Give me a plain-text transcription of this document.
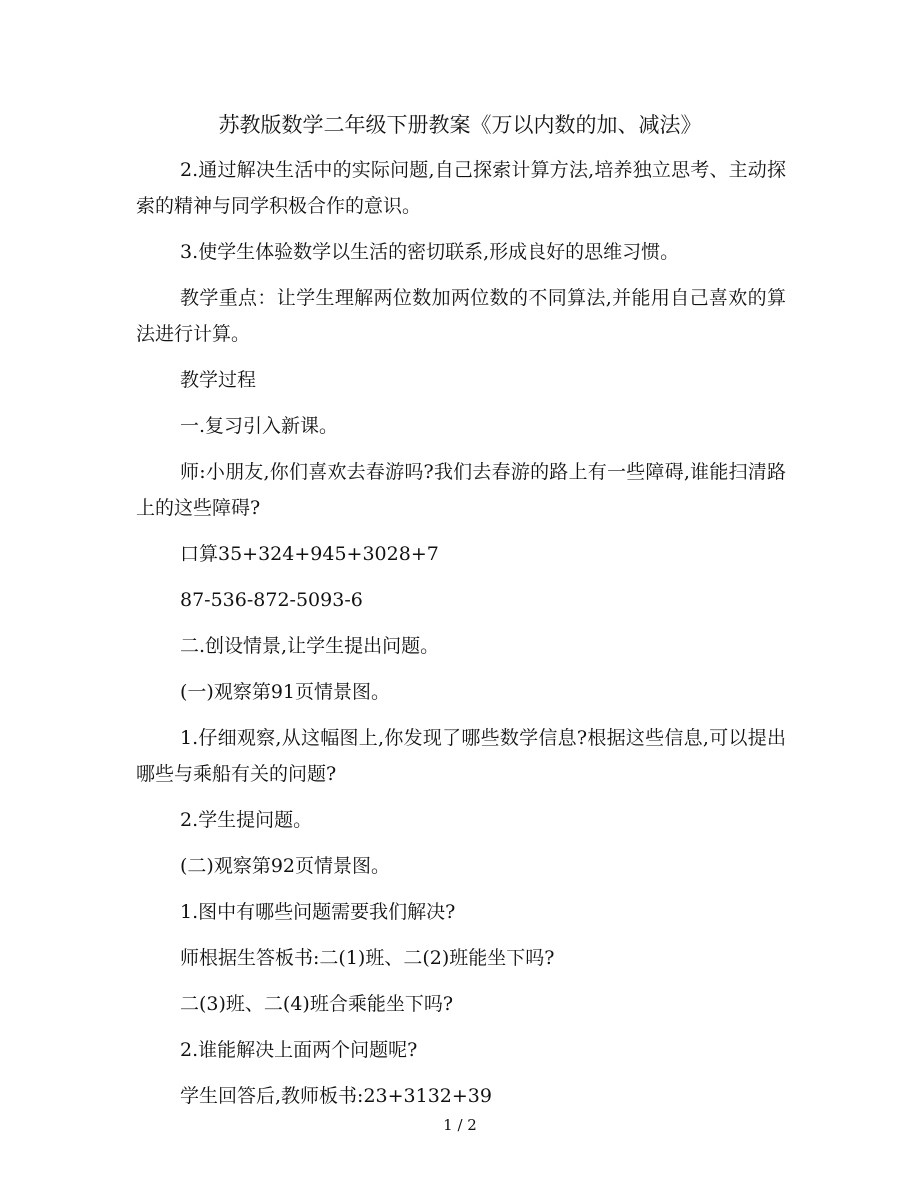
苏教版数学二年级下册教案《万以内数的加、减法》

2.通过解决生活中的实际问题,自己探索计算方法,培养独立思考、主动探索的精神与同学积极合作的意识。

3.使学生体验数学以生活的密切联系,形成良好的思维习惯。

教学重点：让学生理解两位数加两位数的不同算法,并能用自己喜欢的算法进行计算。

教学过程

一.复习引入新课。

师:小朋友,你们喜欢去春游吗?我们去春游的路上有一些障碍,谁能扫清路上的这些障碍?

口算35+324+945+3028+7

87-536-872-5093-6

二.创设情景,让学生提出问题。

(一)观察第91页情景图。

1.仔细观察,从这幅图上,你发现了哪些数学信息?根据这些信息,可以提出哪些与乘船有关的问题?

2.学生提问题。

(二)观察第92页情景图。

1.图中有哪些问题需要我们解决?

师根据生答板书:二(1)班、二(2)班能坐下吗?

二(3)班、二(4)班合乘能坐下吗?

2.谁能解决上面两个问题呢?

学生回答后,教师板书:23+3132+39

1 / 2
